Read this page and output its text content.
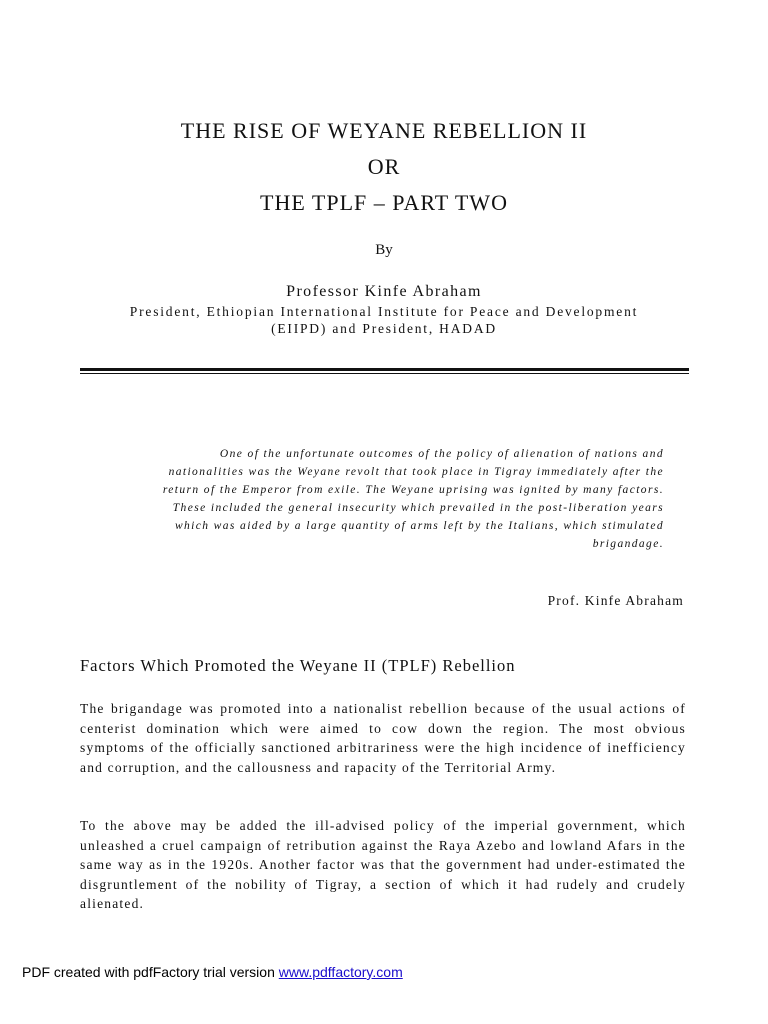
THE RISE OF WEYANE REBELLION II
OR
THE TPLF – PART TWO
By
Professor Kinfe Abraham
President, Ethiopian International Institute for Peace and Development
(EIIPD) and President, HADAD
One of the unfortunate outcomes of the policy of alienation of nations and
nationalities was the Weyane revolt that took place in Tigray immediately after the
return of the Emperor from exile. The Weyane uprising was ignited by many factors.
These included the general insecurity which prevailed in the post-liberation years
which was aided by a large quantity of arms left by the Italians, which stimulated
brigandage.
Prof. Kinfe Abraham
Factors Which Promoted the Weyane II (TPLF) Rebellion
The brigandage was promoted into a nationalist rebellion because of the usual actions of centerist domination which were aimed to cow down the region. The most obvious symptoms of the officially sanctioned arbitrariness were the high incidence of inefficiency and corruption, and the callousness and rapacity of the Territorial Army.
To the above may be added the ill-advised policy of the imperial government, which unleashed a cruel campaign of retribution against the Raya Azebo and lowland Afars in the same way as in the 1920s. Another factor was that the government had under-estimated the disgruntlement of the nobility of Tigray, a section of which it had rudely and crudely alienated.
PDF created with pdfFactory trial version www.pdffactory.com
